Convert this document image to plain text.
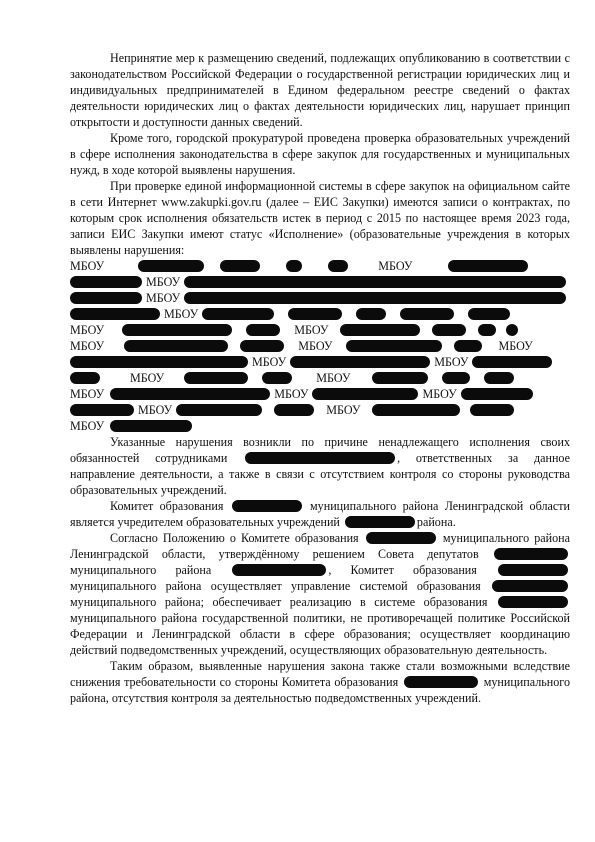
Непринятие мер к размещению сведений, подлежащих опубликованию в соответствии с законодательством Российской Федерации о государственной регистрации юридических лиц и индивидуальных предпринимателей в Едином федеральном реестре сведений о фактах деятельности юридических лиц о фактах деятельности юридических лиц, нарушает принцип открытости и доступности данных сведений.

Кроме того, городской прокуратурой проведена проверка образовательных учреждений в сфере исполнения законодательства в сфере закупок для государственных и муниципальных нужд, в ходе которой выявлены нарушения.

При проверке единой информационной системы в сфере закупок на официальном сайте в сети Интернет www.zakupki.gov.ru (далее – ЕИС Закупки) имеются записи о контрактах, по которым срок исполнения обязательств истек в период с 2015 по настоящее время 2023 года, записи ЕИС Закупки имеют статус «Исполнение» (образовательные учреждения в которых выявлены нарушения:

МБОУ	МБОУ
МБОУ
МБОУ
МБОУ
МБОУ	МБОУ
МБОУ	МБОУ	МБОУ
МБОУ	МБОУ
МБОУ	МБОУ
МБОУ	МБОУ	МБОУ
МБОУ	МБОУ
МБОУ

Указанные нарушения возникли по причине ненадлежащего исполнения своих обязанностей сотрудниками	, ответственных за данное направление деятельности, а также в связи с отсутствием контроля со стороны руководства образовательных учреждений.

Комитет образования	муниципального района Ленинградской области является учредителем образовательных учреждений	района.

Согласно Положению о Комитете образования	муниципального района Ленинградской области, утверждённому решением Совета депутатов  муниципального района	, Комитет образования  муниципального района осуществляет управление системой образования  муниципального района; обеспечивает реализацию в системе образования  муниципального района государственной политики, не противоречащей политике Российской Федерации и Ленинградской области в сфере образования; осуществляет координацию действий подведомственных учреждений, осуществляющих образовательную деятельность.

Таким образом, выявленные нарушения закона также стали возможными вследствие снижения требовательности со стороны Комитета образования	муниципального района, отсутствия контроля за деятельностью подведомственных учреждений.
